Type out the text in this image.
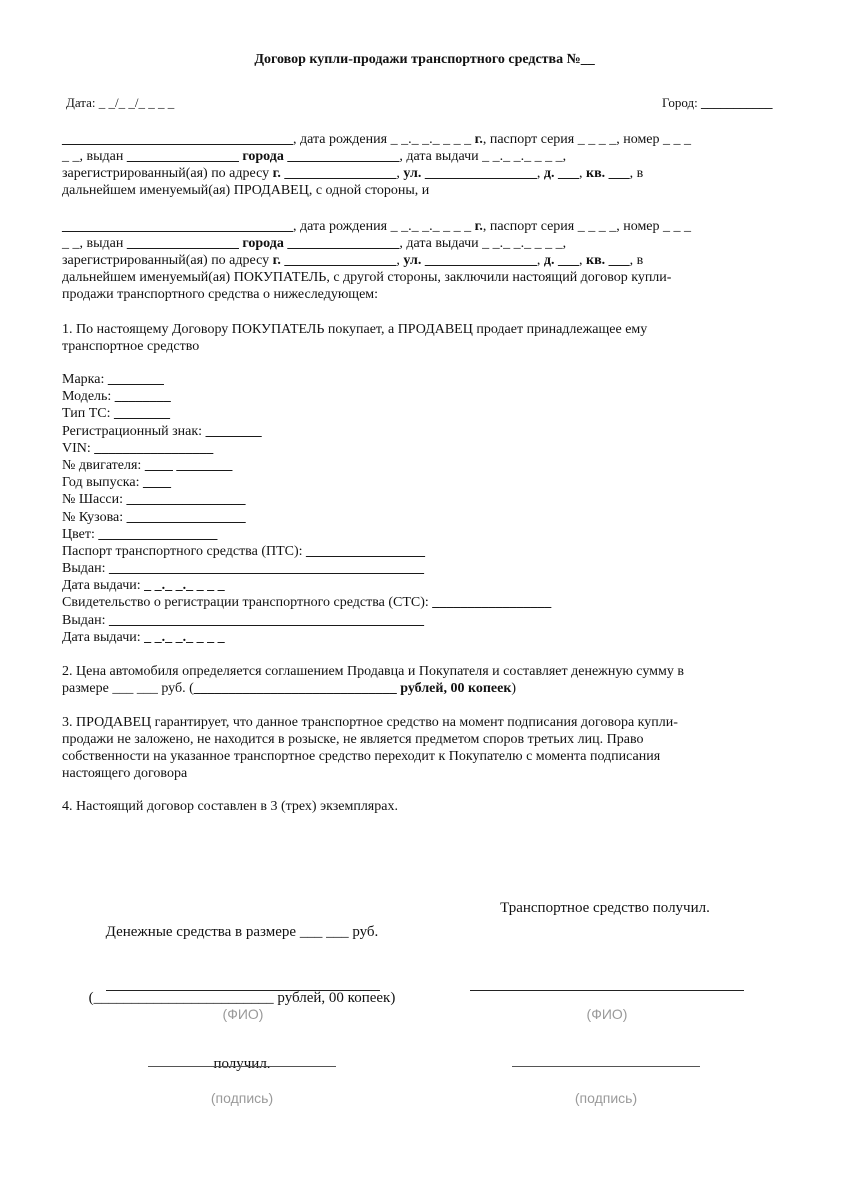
Договор купли-продажи транспортного средства №__
Дата: _ _/_ _/_ _ _ _	Город: ___________
_________________________________, дата рождения _ _._ _._ _ _ _ г., паспорт серия _ _ _ _, номер _ _ _
_ _, выдан ________________ города ________________, дата выдачи _ _._ _._ _ _ _,
зарегистрированный(ая) по адресу г. ________________, ул. ________________, д. ___, кв. ___, в
дальнейшем именуемый(ая) ПРОДАВЕЦ, с одной стороны, и
_________________________________, дата рождения _ _._ _._ _ _ _ г., паспорт серия _ _ _ _, номер _ _ _
_ _, выдан ________________ города ________________, дата выдачи _ _._ _._ _ _ _,
зарегистрированный(ая) по адресу г. ________________, ул. ________________, д. ___, кв. ___, в
дальнейшем именуемый(ая) ПОКУПАТЕЛЬ, с другой стороны, заключили настоящий договор купли-
продажи транспортного средства о нижеследующем:
1. По настоящему Договору ПОКУПАТЕЛЬ покупает, а ПРОДАВЕЦ продает принадлежащее ему
транспортное средство
Марка: ________
Модель: ________
Тип ТС: ________
Регистрационный знак: ________
VIN: _________________
№ двигателя: ____ ________
Год выпуска: ____
№ Шасси: _________________
№ Кузова: _________________
Цвет: _________________
Паспорт транспортного средства (ПТС): _________________
Выдан: _____________________________________________
Дата выдачи: _ _._ _._ _ _ _
Свидетельство о регистрации транспортного средства (СТС): _________________
Выдан: _____________________________________________
Дата выдачи: _ _._ _._ _ _ _
2. Цена автомобиля определяется соглашением Продавца и Покупателя и составляет денежную сумму в
размере ___ ___ руб. (_____________________________ рублей, 00 копеек)
3. ПРОДАВЕЦ гарантирует, что данное транспортное средство на момент подписания договора купли-
продажи не заложено, не находится в розыске, не является предметом споров третьих лиц. Право
собственности на указанное транспортное средство переходит к Покупателю с момента подписания
настоящего договора
4. Настоящий договор составлен в 3 (трех) экземплярах.

Денежные средства в размере ___ ___ руб.

(________________________ рублей, 00 копеек)

получил.

Транспортное средство получил.
(ФИО)	(ФИО)
(подпись)	(подпись)
